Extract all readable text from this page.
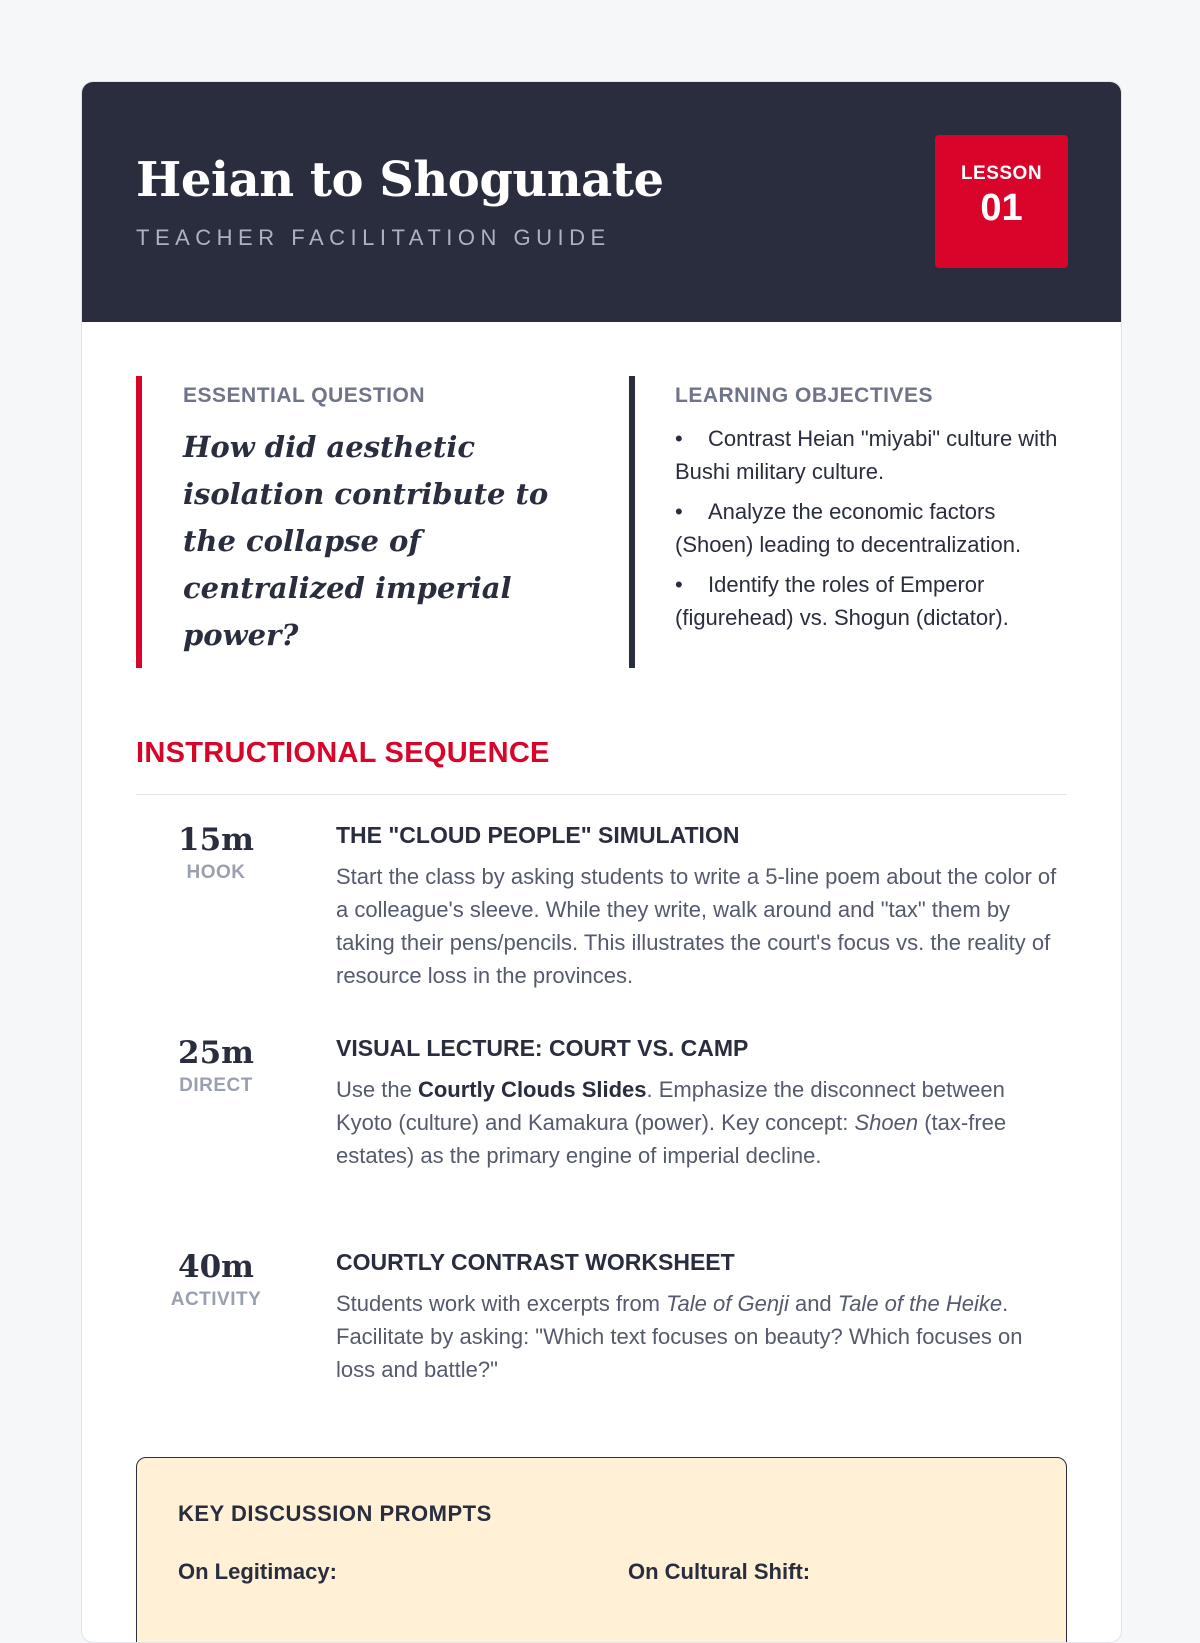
Heian to Shogunate
TEACHER FACILITATION GUIDE
LESSON
01
ESSENTIAL QUESTION
How did aesthetic isolation contribute to the collapse of centralized imperial power?
LEARNING OBJECTIVES
• Contrast Heian "miyabi" culture with Bushi military culture.
• Analyze the economic factors (Shoen) leading to decentralization.
• Identify the roles of Emperor (figurehead) vs. Shogun (dictator).
INSTRUCTIONAL SEQUENCE
15m
HOOK
THE "CLOUD PEOPLE" SIMULATION
Start the class by asking students to write a 5-line poem about the color of a colleague's sleeve. While they write, walk around and "tax" them by taking their pens/pencils. This illustrates the court's focus vs. the reality of resource loss in the provinces.
25m
DIRECT
VISUAL LECTURE: COURT VS. CAMP
Use the Courtly Clouds Slides. Emphasize the disconnect between Kyoto (culture) and Kamakura (power). Key concept: Shoen (tax-free estates) as the primary engine of imperial decline.
40m
ACTIVITY
COURTLY CONTRAST WORKSHEET
Students work with excerpts from Tale of Genji and Tale of the Heike. Facilitate by asking: "Which text focuses on beauty? Which focuses on loss and battle?"
KEY DISCUSSION PROMPTS
On Legitimacy:	On Cultural Shift:
